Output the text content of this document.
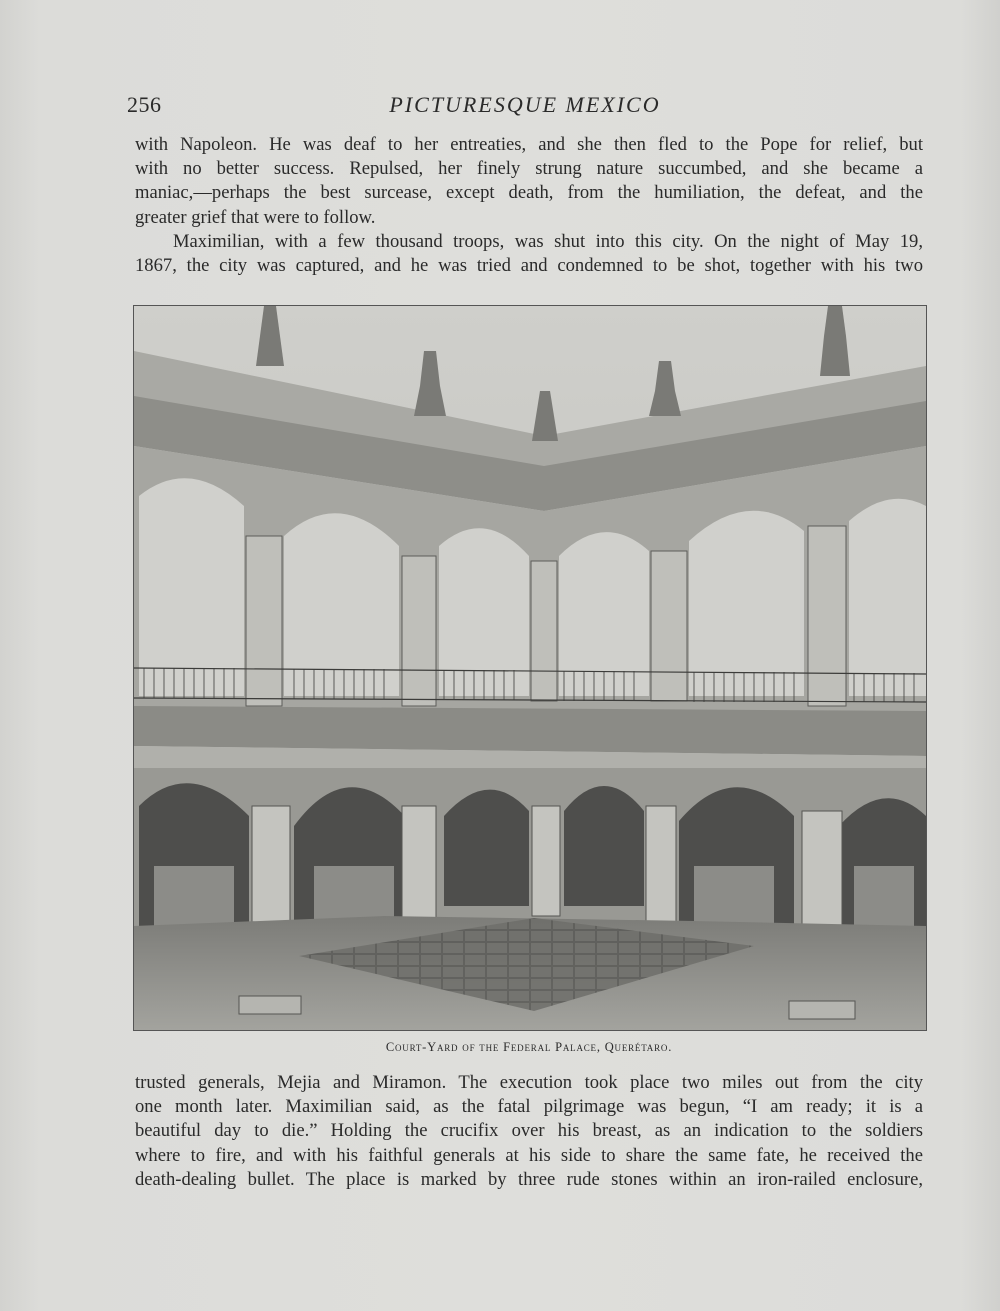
256	PICTURESQUE MEXICO
with Napoleon. He was deaf to her entreaties, and she then fled to the Pope for relief, but
with no better success. Repulsed, her finely strung nature succumbed, and she became a
maniac,—perhaps the best surcease, except death, from the humiliation, the defeat, and the
greater grief that were to follow.
Maximilian, with a few thousand troops, was shut into this city. On the night of May 19,
1867, the city was captured, and he was tried and condemned to be shot, together with his two
Court-Yard of the Federal Palace, Querétaro.
trusted generals, Mejia and Miramon. The execution took place two miles out from the city
one month later. Maximilian said, as the fatal pilgrimage was begun, “I am ready; it is a
beautiful day to die.” Holding the crucifix over his breast, as an indication to the soldiers
where to fire, and with his faithful generals at his side to share the same fate, he received the
death-dealing bullet. The place is marked by three rude stones within an iron-railed enclosure,
